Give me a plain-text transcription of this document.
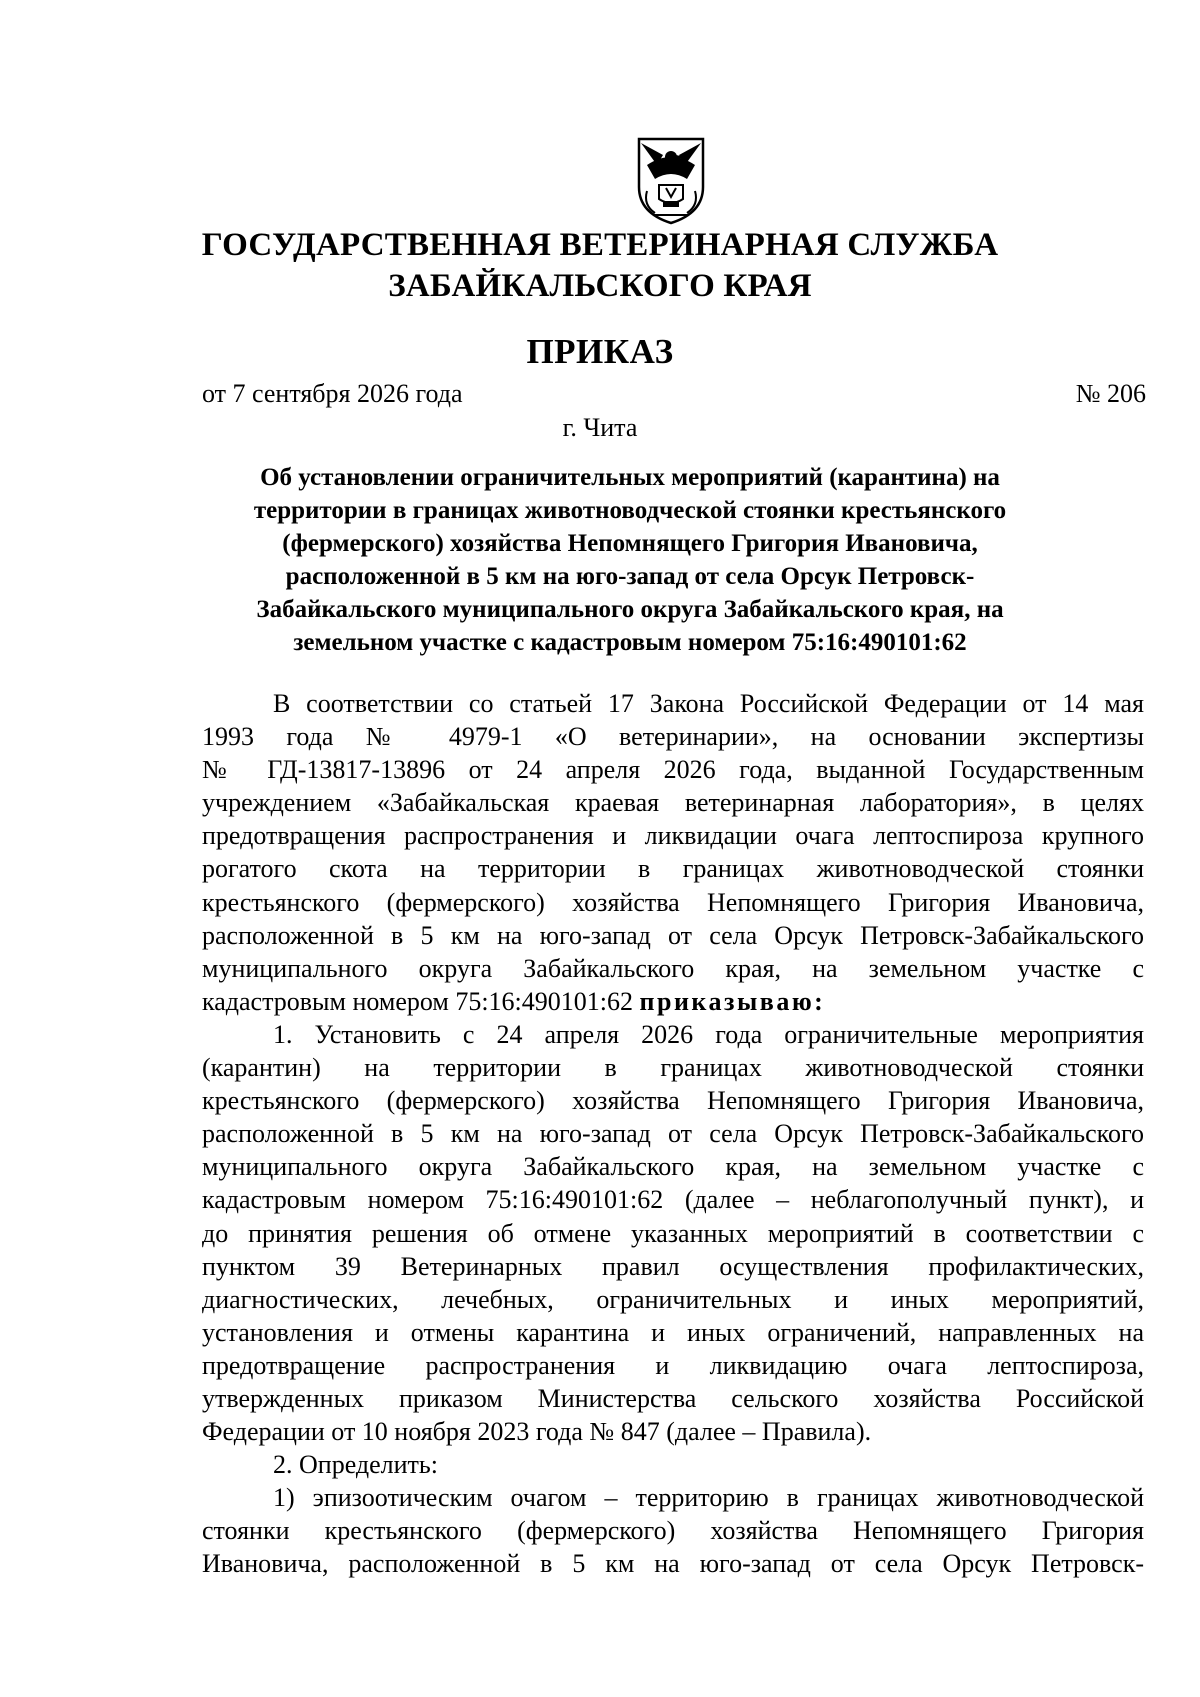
ГОСУДАРСТВЕННАЯ ВЕТЕРИНАРНАЯ СЛУЖБА
ЗАБАЙКАЛЬСКОГО КРАЯ
ПРИКАЗ
от 7 сентября 2026 года	№ 206
г. Чита
Об установлении ограничительных мероприятий (карантина) на
территории в границах животноводческой стоянки крестьянского
(фермерского) хозяйства Непомнящего Григория Ивановича,
расположенной в 5 км на юго-запад от села Орсук Петровск-
Забайкальского муниципального округа Забайкальского края, на
земельном участке с кадастровым номером 75:16:490101:62
В соответствии со статьей 17 Закона Российской Федерации от 14 мая
1993 года № 4979-1 «О ветеринарии», на основании экспертизы
№ ГД-13817-13896 от 24 апреля 2026 года, выданной Государственным
учреждением «Забайкальская краевая ветеринарная лаборатория», в целях
предотвращения распространения и ликвидации очага лептоспироза крупного
рогатого скота на территории в границах животноводческой стоянки
крестьянского (фермерского) хозяйства Непомнящего Григория Ивановича,
расположенной в 5 км на юго-запад от села Орсук Петровск-Забайкальского
муниципального округа Забайкальского края, на земельном участке с
кадастровым номером 75:16:490101:62 приказываю:
1. Установить с 24 апреля 2026 года ограничительные мероприятия
(карантин) на территории в границах животноводческой стоянки
крестьянского (фермерского) хозяйства Непомнящего Григория Ивановича,
расположенной в 5 км на юго-запад от села Орсук Петровск-Забайкальского
муниципального округа Забайкальского края, на земельном участке с
кадастровым номером 75:16:490101:62 (далее – неблагополучный пункт), и
до принятия решения об отмене указанных мероприятий в соответствии с
пунктом 39 Ветеринарных правил осуществления профилактических,
диагностических, лечебных, ограничительных и иных мероприятий,
установления и отмены карантина и иных ограничений, направленных на
предотвращение распространения и ликвидацию очага лептоспироза,
утвержденных приказом Министерства сельского хозяйства Российской
Федерации от 10 ноября 2023 года № 847 (далее – Правила).
2. Определить:
1) эпизоотическим очагом – территорию в границах животноводческой
стоянки крестьянского (фермерского) хозяйства Непомнящего Григория
Ивановича, расположенной в 5 км на юго-запад от села Орсук Петровск-
